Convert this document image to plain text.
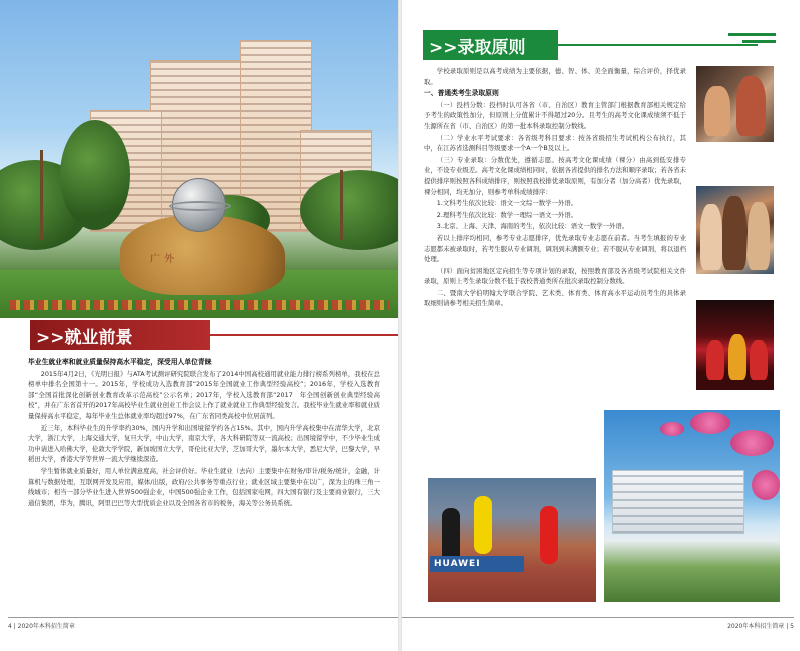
广外
>>就业前景

毕业生就业率和就业质量保持高水平稳定，深受用人单位青睐

2015年4月2日，《光明日报》与ATA考试测评研究院联合发布了2014中国高校通用就业能力排行榜系列榜单，我校在总榜单中排名全国第十一。2015年，学校成功入选教育部“2015年全国就业工作典型经验高校”；2016年，学校入选教育部“全国首批深化创新创业教育改革示范高校”公示名单；2017年，学校入选教育部“2017　年全国创新创业典型经验高校”，并在广东省首开的2017年高校毕业生就业创业工作会议上作了就业就业工作典型经验发言。我校毕业生就业率和就业质量保持高水平稳定，每年毕业生总体就业率均超过97%，在广东省同类高校中位居前列。

近三年，本科毕业生的升学率约30%，国内升学和出国境留学约各占15%。其中，国内升学高校集中在清华大学，北京大学，浙江大学，上海交通大学，复旦大学，中山大学，南京大学，各大科研院等双一流高校；出国境留学中，不少毕业生成功申请进入哈佛大学，伦敦大学学院，新加坡国立大学，哥伦比亚大学，芝加哥大学，墨尔本大学，悉尼大学，巴黎大学，早稻田大学，香港大学等世界一流大学继续深造。

学生暂体就业质量好，用人单位满意度高，社会评价好。毕业生就业（去向）主要集中在财务/审计/税务/统计，金融，计算机与数据处理，互联网开发及应用，媒体/出版，政府/公共事务等重点行业；就业区域主要集中在以广，深为主的珠三角一线城市；相当一部分毕业生进入世界500强企业，中国500强企业工作，包括国家电网，四大国有银行及主要商业银行，三大通信集团，华为，腾讯，阿里巴巴等大型优质企业以及全国各省市的税务，海关等公务员系统。

4 | 2020年本科招生简章
>>录取原则

学校录取原则是以高考成绩为主要依据，德、智、体、美全面衡量，综合评价，择优录取。

一、普通类考生录取原则

（一）投档分数：投档时认可各省（市、自治区）教育主管部门根据教育部相关规定给予考生的政策性加分，但原则上分值累计不得超过20分。且考生的高考文化课成绩须不低于生源所在省（市、自治区）的第一批本科录取控制分数线。

（二）学业水平考试要求：各省级考科目要求：按各省级招生考试机构公布执行，其中，在江苏省选测科目等级要求一个A一个B及以上。

（三）专业录取：分数优先，遵循志愿。按高考文化课成绩（裸分）由高到低安排专业，不设专业级差。高考文化课成绩相同时，依据各省提供的排名方法和顺序录取；若各省未提供排序则按照各科成绩排序，则按照我校排优录取原则，有加分者（加分高者）优先录取，裸分相同，均无加分，则参考单科成绩排序：

1.文科考生依次比较：语文一文综一数学一外语。

2.理科考生依次比较：数学一理综一语文一外语。

3.北京、上海、天津、海南的考生，依次比较：语文一数学一外语。

若以上排序均相同，参考专业志愿排序，优先录取专业志愿在前者。当考生填报的专业志愿都未被录取时，若考生服从专业调剂，调剂到未满额专业；若不服从专业调剂，将以退档处理。

（四）面向贫困地区定向招生等专项计划的录取，按照教育部及各省级考试院相关文件录取，原则上考生录取分数不低于我校普通类所在批次录取控制分数线。

二、暨南大学伯明翰大学联合学院、艺术类、体育类、体育高水平运动员考生的具体录取细则请参考相关招生简章。

2020年本科招生简章 | 5
HUAWEI
